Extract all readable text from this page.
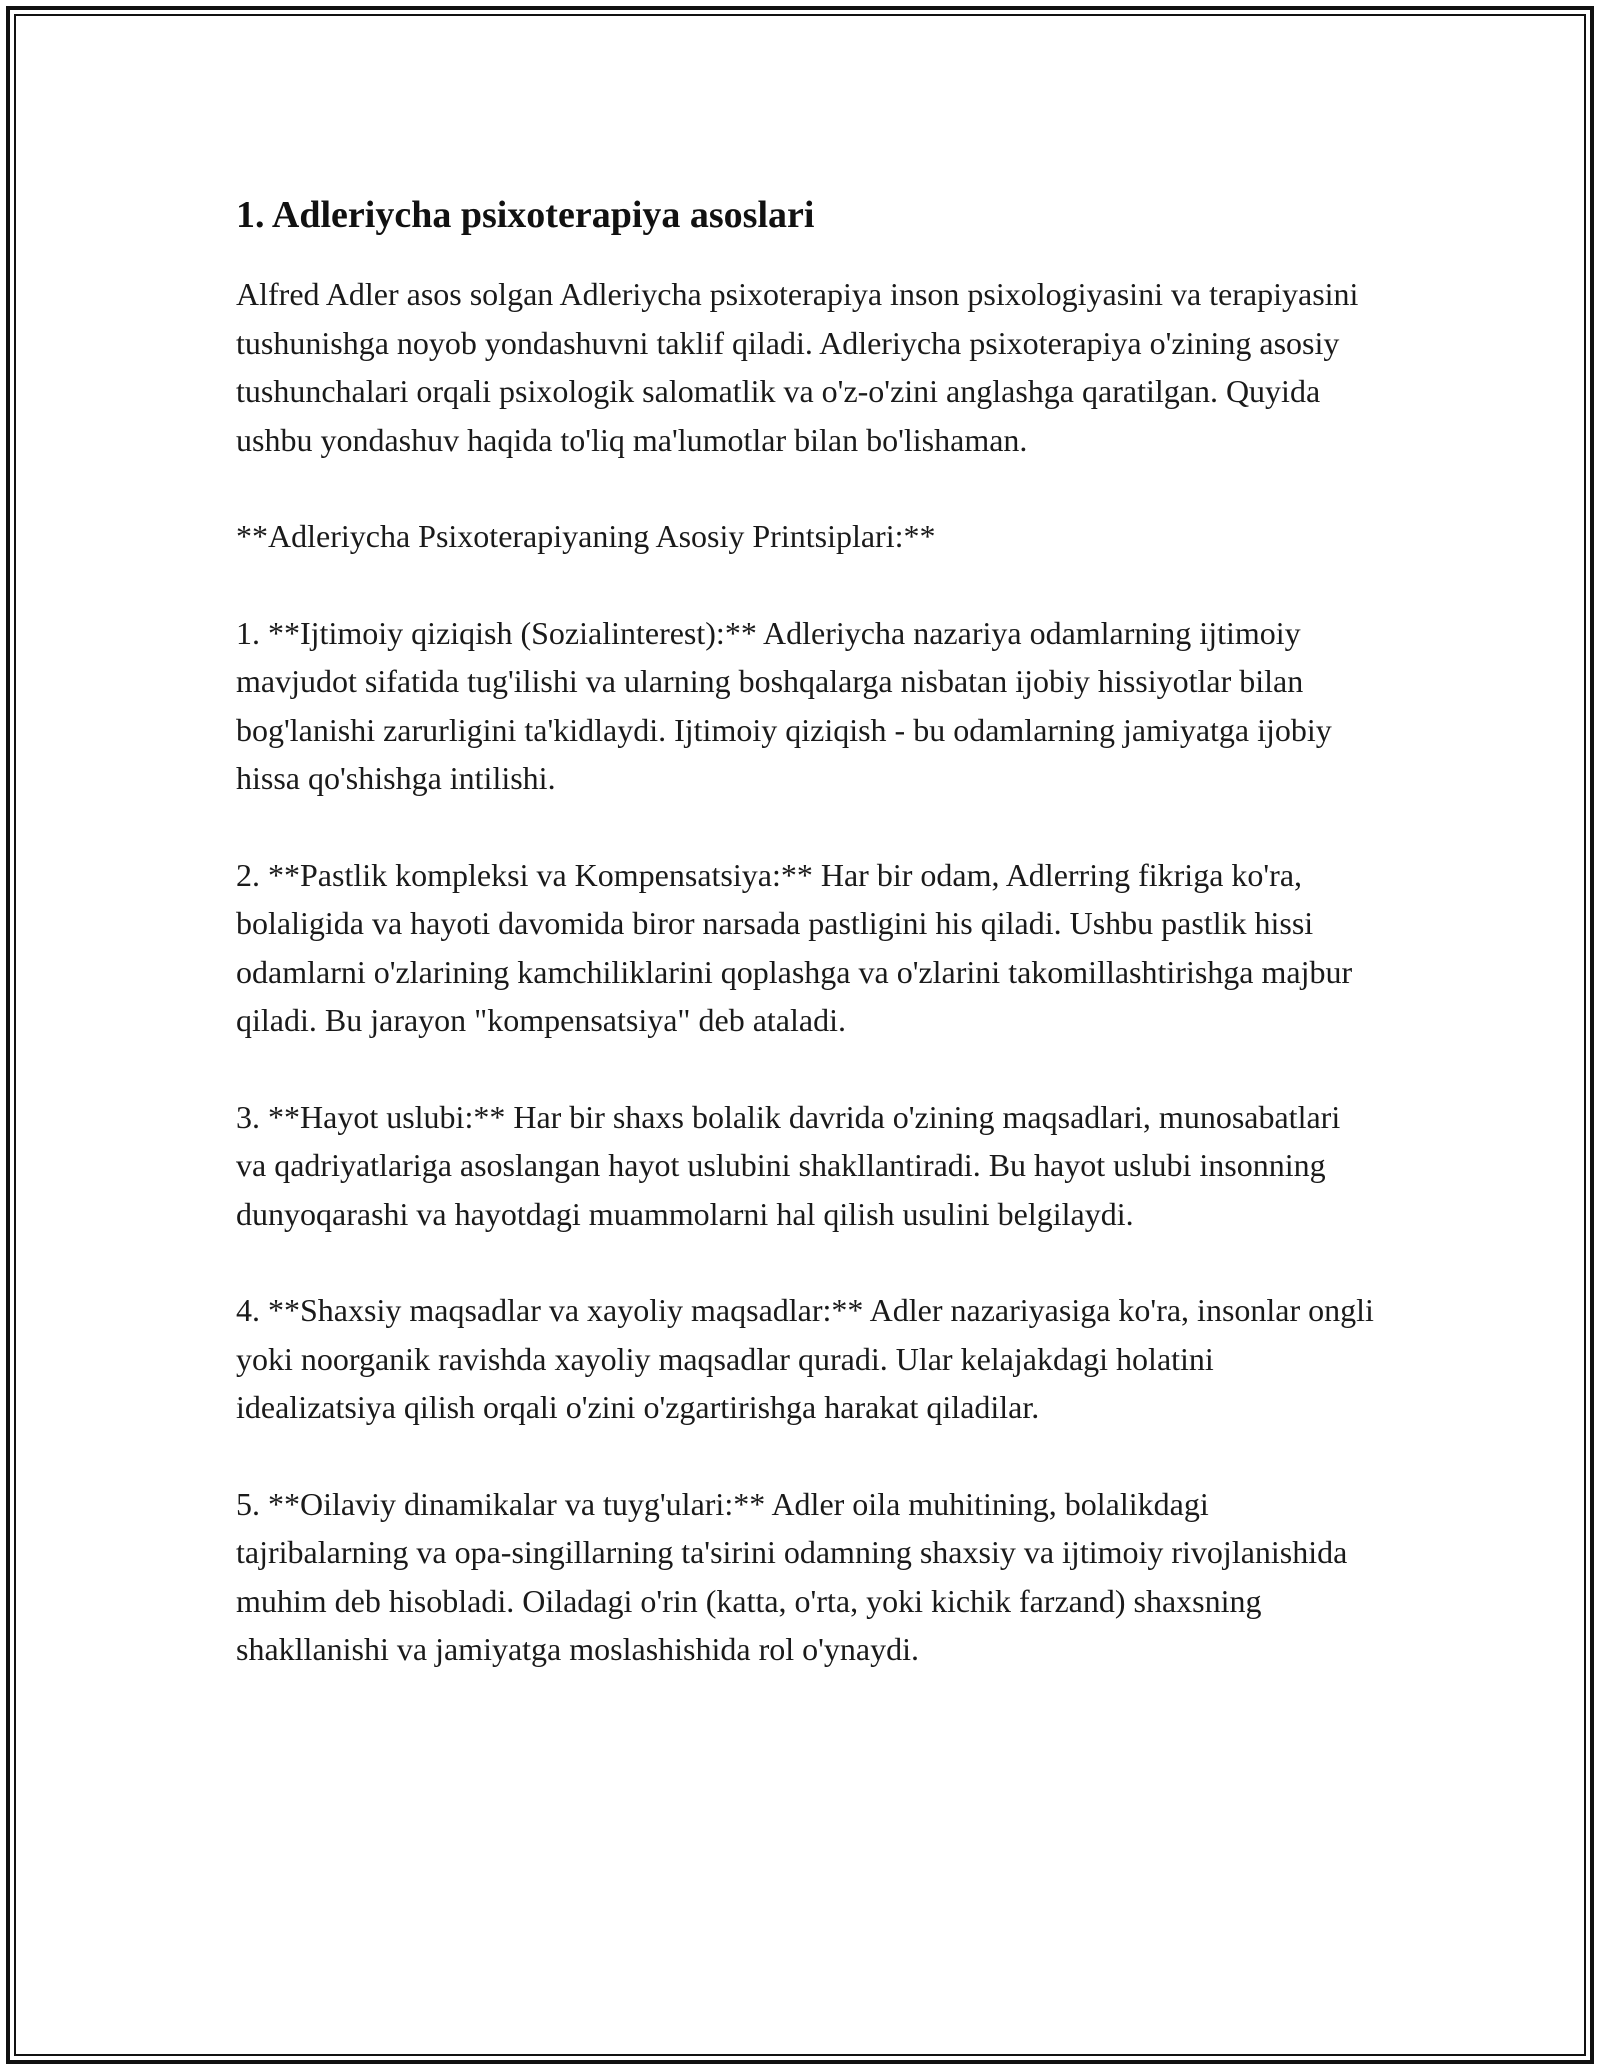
1. Adleriycha psixoterapiya asoslari

Alfred Adler asos solgan Adleriycha psixoterapiya inson psixologiyasini va terapiyasini tushunishga noyob yondashuvni taklif qiladi. Adleriycha psixoterapiya o'zining asosiy tushunchalari orqali psixologik salomatlik va o'z-o'zini anglashga qaratilgan. Quyida ushbu yondashuv haqida to'liq ma'lumotlar bilan bo'lishaman.

**Adleriycha Psixoterapiyaning Asosiy Printsiplari:**

1. **Ijtimoiy qiziqish (Sozialinterest):** Adleriycha nazariya odamlarning ijtimoiy mavjudot sifatida tug'ilishi va ularning boshqalarga nisbatan ijobiy hissiyotlar bilan bog'lanishi zarurligini ta'kidlaydi. Ijtimoiy qiziqish - bu odamlarning jamiyatga ijobiy hissa qo'shishga intilishi.

2. **Pastlik kompleksi va Kompensatsiya:** Har bir odam, Adlerring fikriga ko'ra, bolaligida va hayoti davomida biror narsada pastligini his qiladi. Ushbu pastlik hissi odamlarni o'zlarining kamchiliklarini qoplashga va o'zlarini takomillashtirishga majbur qiladi. Bu jarayon "kompensatsiya" deb ataladi.

3. **Hayot uslubi:** Har bir shaxs bolalik davrida o'zining maqsadlari, munosabatlari va qadriyatlariga asoslangan hayot uslubini shakllantiradi. Bu hayot uslubi insonning dunyoqarashi va hayotdagi muammolarni hal qilish usulini belgilaydi.

4. **Shaxsiy maqsadlar va xayoliy maqsadlar:** Adler nazariyasiga ko'ra, insonlar ongli yoki noorganik ravishda xayoliy maqsadlar quradi. Ular kelajakdagi holatini idealizatsiya qilish orqali o'zini o'zgartirishga harakat qiladilar.

5. **Oilaviy dinamikalar va tuyg'ulari:** Adler oila muhitining, bolalikdagi tajribalarning va opa-singillarning ta'sirini odamning shaxsiy va ijtimoiy rivojlanishida muhim deb hisobladi. Oiladagi o'rin (katta, o'rta, yoki kichik farzand) shaxsning shakllanishi va jamiyatga moslashishida rol o'ynaydi.
